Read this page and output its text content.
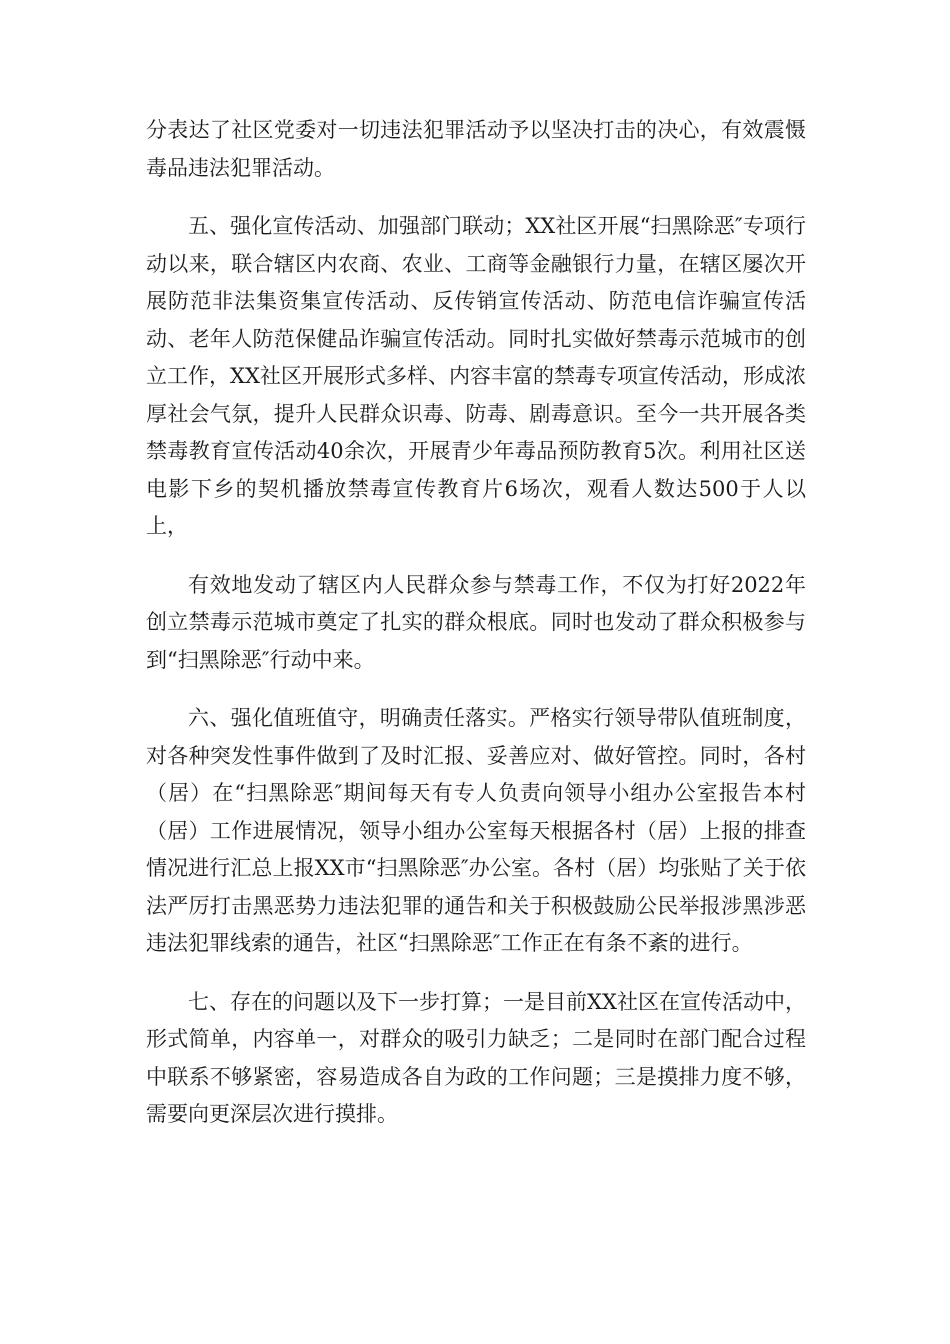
分表达了社区党委对一切违法犯罪活动予以坚决打击的决心，有效震慑毒品违法犯罪活动。

五、强化宣传活动、加强部门联动；XX社区开展“扫黑除恶″专项行动以来，联合辖区内农商、农业、工商等金融银行力量，在辖区屡次开展防范非法集资集宣传活动、反传销宣传活动、防范电信诈骗宣传活动、老年人防范保健品诈骗宣传活动。同时扎实做好禁毒示范城市的创立工作，XX社区开展形式多样、内容丰富的禁毒专项宣传活动，形成浓厚社会气氛，提升人民群众识毒、防毒、剧毒意识。至今一共开展各类禁毒教育宣传活动40余次，开展青少年毒品预防教育5次。利用社区送电影下乡的契机播放禁毒宣传教育片6场次，观看人数达500于人以上，

有效地发动了辖区内人民群众参与禁毒工作，不仅为打好2022年创立禁毒示范城市奠定了扎实的群众根底。同时也发动了群众积极参与到“扫黑除恶″行动中来。

六、强化值班值守，明确责任落实。严格实行领导带队值班制度，对各种突发性事件做到了及时汇报、妥善应对、做好管控。同时，各村（居）在“扫黑除恶″期间每天有专人负责向领导小组办公室报告本村（居）工作进展情况，领导小组办公室每天根据各村（居）上报的排查情况进行汇总上报XX市“扫黑除恶″办公室。各村（居）均张贴了关于依法严厉打击黑恶势力违法犯罪的通告和关于积极鼓励公民举报涉黑涉恶违法犯罪线索的通告，社区“扫黑除恶″工作正在有条不紊的进行。

七、存在的问题以及下一步打算；一是目前XX社区在宣传活动中，形式简单，内容单一，对群众的吸引力缺乏；二是同时在部门配合过程中联系不够紧密，容易造成各自为政的工作问题；三是摸排力度不够，需要向更深层次进行摸排。
